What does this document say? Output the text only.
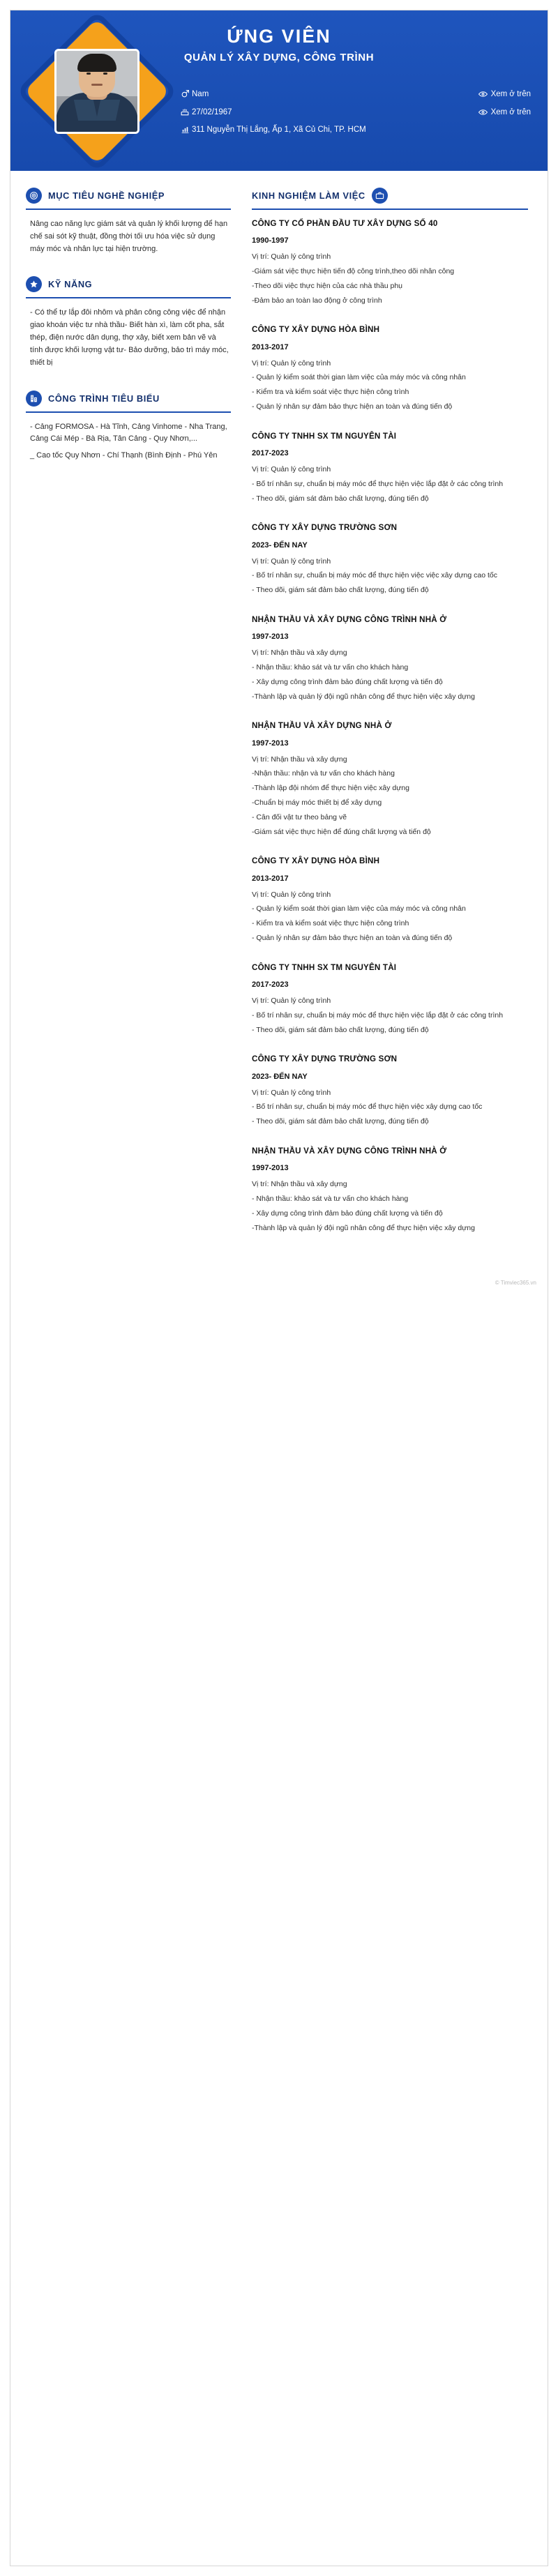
ỨNG VIÊN
QUẢN LÝ XÂY DỰNG, CÔNG TRÌNH
Nam	Xem ở trên
27/02/1967	Xem ở trên
311 Nguyễn Thị Lắng, Ấp 1, Xã Củ Chi, TP. HCM
MỤC TIÊU NGHỀ NGHIỆP

Nâng cao năng lực giám sát và quản lý khối lượng để hạn chế sai sót kỹ thuật, đồng thời tối ưu hóa việc sử dụng máy móc và nhân lực tại hiện trường.

KỸ NĂNG

- Có thể tự lắp đôi nhôm và phân công công việc để nhận giao khoán việc tư nhà thầu- Biết hàn xì, làm cốt pha, sắt thép, điện nước dân dụng, thợ xây, biết xem bản vẽ và tính được khối lượng vật tư- Bảo dưỡng, bảo trì máy móc, thiết bị

CÔNG TRÌNH TIÊU BIỂU

- Cảng FORMOSA - Hà Tĩnh, Cảng Vinhome - Nha Trang, Cảng Cái Mép - Bà Rịa, Tân Cảng - Quy Nhơn,...

_ Cao tốc Quy Nhơn - Chí Thạnh (Bình Định - Phú Yên

KINH NGHIỆM LÀM VIỆC
CÔNG TY CỔ PHẦN ĐẦU TƯ XÂY DỰNG SỐ 40
1990-1997

Vị trí: Quản lý công trình

-Giám sát việc thực hiện tiến độ công trình,theo dõi nhân công

-Theo dõi việc thực hiện của các nhà thầu phụ

-Đảm bảo an toàn lao động ở công trình

CÔNG TY XÂY DỰNG HÒA BÌNH
2013-2017

Vị trí: Quản lý công trình

- Quản lý kiểm soát thời gian làm việc của máy móc và công nhân

- Kiểm tra và kiểm soát việc thực hiện công trình

- Quản lý nhân sự đảm bảo thực hiện an toàn và đúng tiến độ

CÔNG TY TNHH SX TM NGUYÊN TÀI
2017-2023

Vị trí: Quản lý công trình

- Bố trí nhân sự, chuẩn bị máy móc để thực hiện việc lắp đặt ở các công trình

- Theo dõi, giám sát đảm bảo chất lượng, đúng tiến độ

CÔNG TY XÂY DỰNG TRƯỜNG SƠN
2023- ĐẾN NAY

Vị trí: Quản lý công trình

- Bố trí nhân sự, chuẩn bị máy móc để thực hiện việc việc xây dựng cao tốc

- Theo dõi, giám sát đảm bảo chất lượng, đúng tiến độ

NHẬN THẦU VÀ XÂY DỰNG CÔNG TRÌNH NHÀ Ở
1997-2013

Vị trí: Nhận thầu và xây dựng

- Nhận thầu: khảo sát và tư vấn cho khách hàng

- Xây dựng công trình đảm bảo đúng chất lượng và tiến độ

-Thành lập và quản lý đội ngũ nhân công để thực hiện việc xây dựng

NHẬN THẦU VÀ XÂY DỰNG NHÀ Ở
1997-2013

Vị trí: Nhận thầu và xây dựng

-Nhận thầu: nhận và tư vấn cho khách hàng

-Thành lập đội nhóm để thực hiện việc xây dựng

-Chuẩn bị máy móc thiết bị để xây dựng

- Cân đối vật tư theo bảng vẽ

-Giám sát việc thực hiện để đúng chất lượng và tiến độ

CÔNG TY XÂY DỰNG HÒA BÌNH
2013-2017

Vị trí: Quản lý công trình

- Quản lý kiểm soát thời gian làm việc của máy móc và công nhân

- Kiểm tra và kiểm soát việc thực hiện công trình

- Quản lý nhân sự đảm bảo thực hiện an toàn và đúng tiến độ

CÔNG TY TNHH SX TM NGUYÊN TÀI
2017-2023

Vị trí: Quản lý công trình

- Bố trí nhân sự, chuẩn bị máy móc để thực hiện việc lắp đặt ở các công trình

- Theo dõi, giám sát đảm bảo chất lượng, đúng tiến độ

CÔNG TY XÂY DỰNG TRƯỜNG SƠN
2023- ĐẾN NAY

Vị trí: Quản lý công trình

- Bố trí nhân sự, chuẩn bị máy móc để thực hiện việc xây dựng cao tốc

- Theo dõi, giám sát đảm bảo chất lượng, đúng tiến độ

NHẬN THẦU VÀ XÂY DỰNG CÔNG TRÌNH NHÀ Ở
1997-2013

Vị trí: Nhận thầu và xây dựng

- Nhận thầu: khảo sát và tư vấn cho khách hàng

- Xây dựng công trình đảm bảo đúng chất lượng và tiến độ

-Thành lập và quản lý đội ngũ nhân công để thực hiện việc xây dựng

© Timviec365.vn
